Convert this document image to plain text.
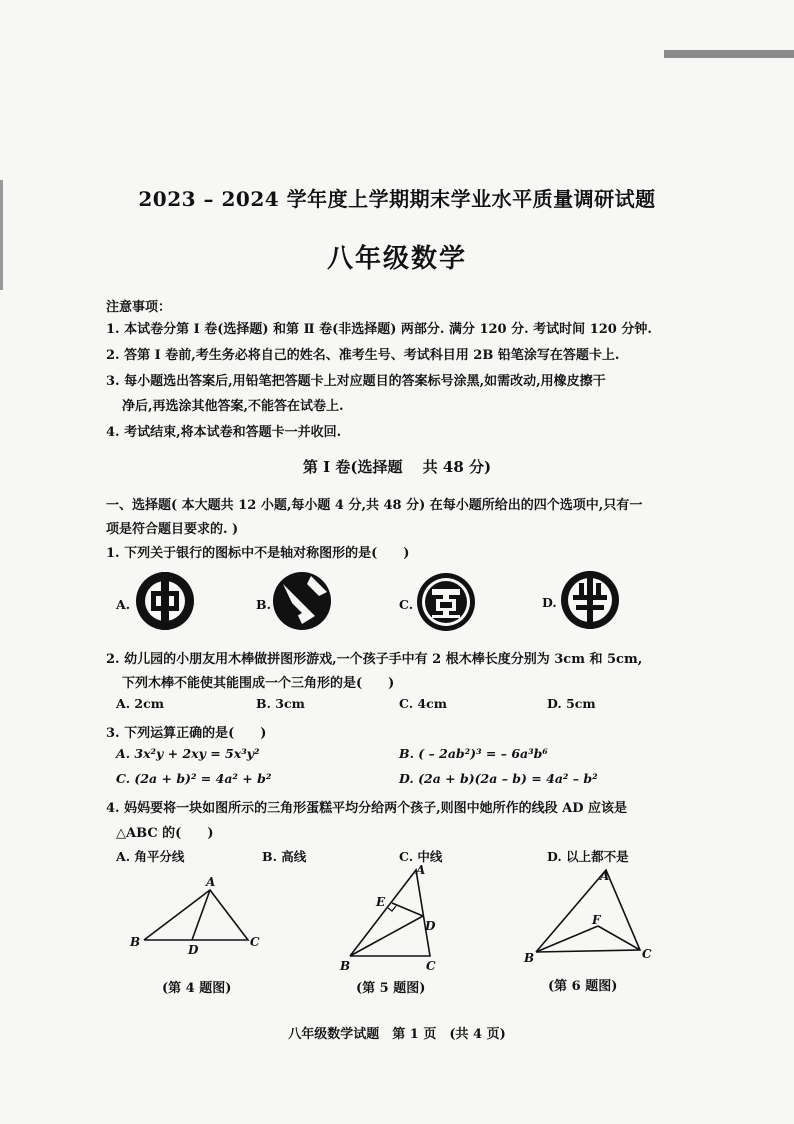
2023 – 2024 学年度上学期期末学业水平质量调研试题
八年级数学
注意事项：
1. 本试卷分第 Ⅰ 卷(选择题) 和第 Ⅱ 卷(非选择题) 两部分. 满分 120 分. 考试时间 120 分钟.
2. 答第 Ⅰ 卷前,考生务必将自己的姓名、准考生号、考试科目用 2B 铅笔涂写在答题卡上.
3. 每小题选出答案后,用铅笔把答题卡上对应题目的答案标号涂黑,如需改动,用橡皮擦干
净后,再选涂其他答案,不能答在试卷上.
4. 考试结束,将本试卷和答题卡一并收回.
第 Ⅰ 卷(选择题　 共 48 分)
一、选择题( 本大题共 12 小题,每小题 4 分,共 48 分) 在每小题所给出的四个选项中,只有一
项是符合题目要求的. )
1. 下列关于银行的图标中不是轴对称图形的是(　　)
A.	B.	C.	D.
2. 幼儿园的小朋友用木棒做拼图形游戏,一个孩子手中有 2 根木棒长度分别为 3cm 和 5cm,
下列木棒不能使其能围成一个三角形的是(　　)
A. 2cm	B. 3cm	C. 4cm	D. 5cm
3. 下列运算正确的是(　　)
A. 3x²y + 2xy = 5x³y²	B. ( – 2ab²)³ = – 6a³b⁶
C. (2a + b)² = 4a² + b²	D. (2a + b)(2a – b) = 4a² – b²
4. 妈妈要将一块如图所示的三角形蛋糕平均分给两个孩子,则图中她所作的线段 AD 应该是
△ABC 的(　　)
A. 角平分线	B. 高线	C. 中线	D. 以上都不是
A
B
D
C
(第 4 题图)
A
E
D
B	C
(第 5 题图)
A
F
B	C
(第 6 题图)
八年级数学试题　第 1 页　(共 4 页)
